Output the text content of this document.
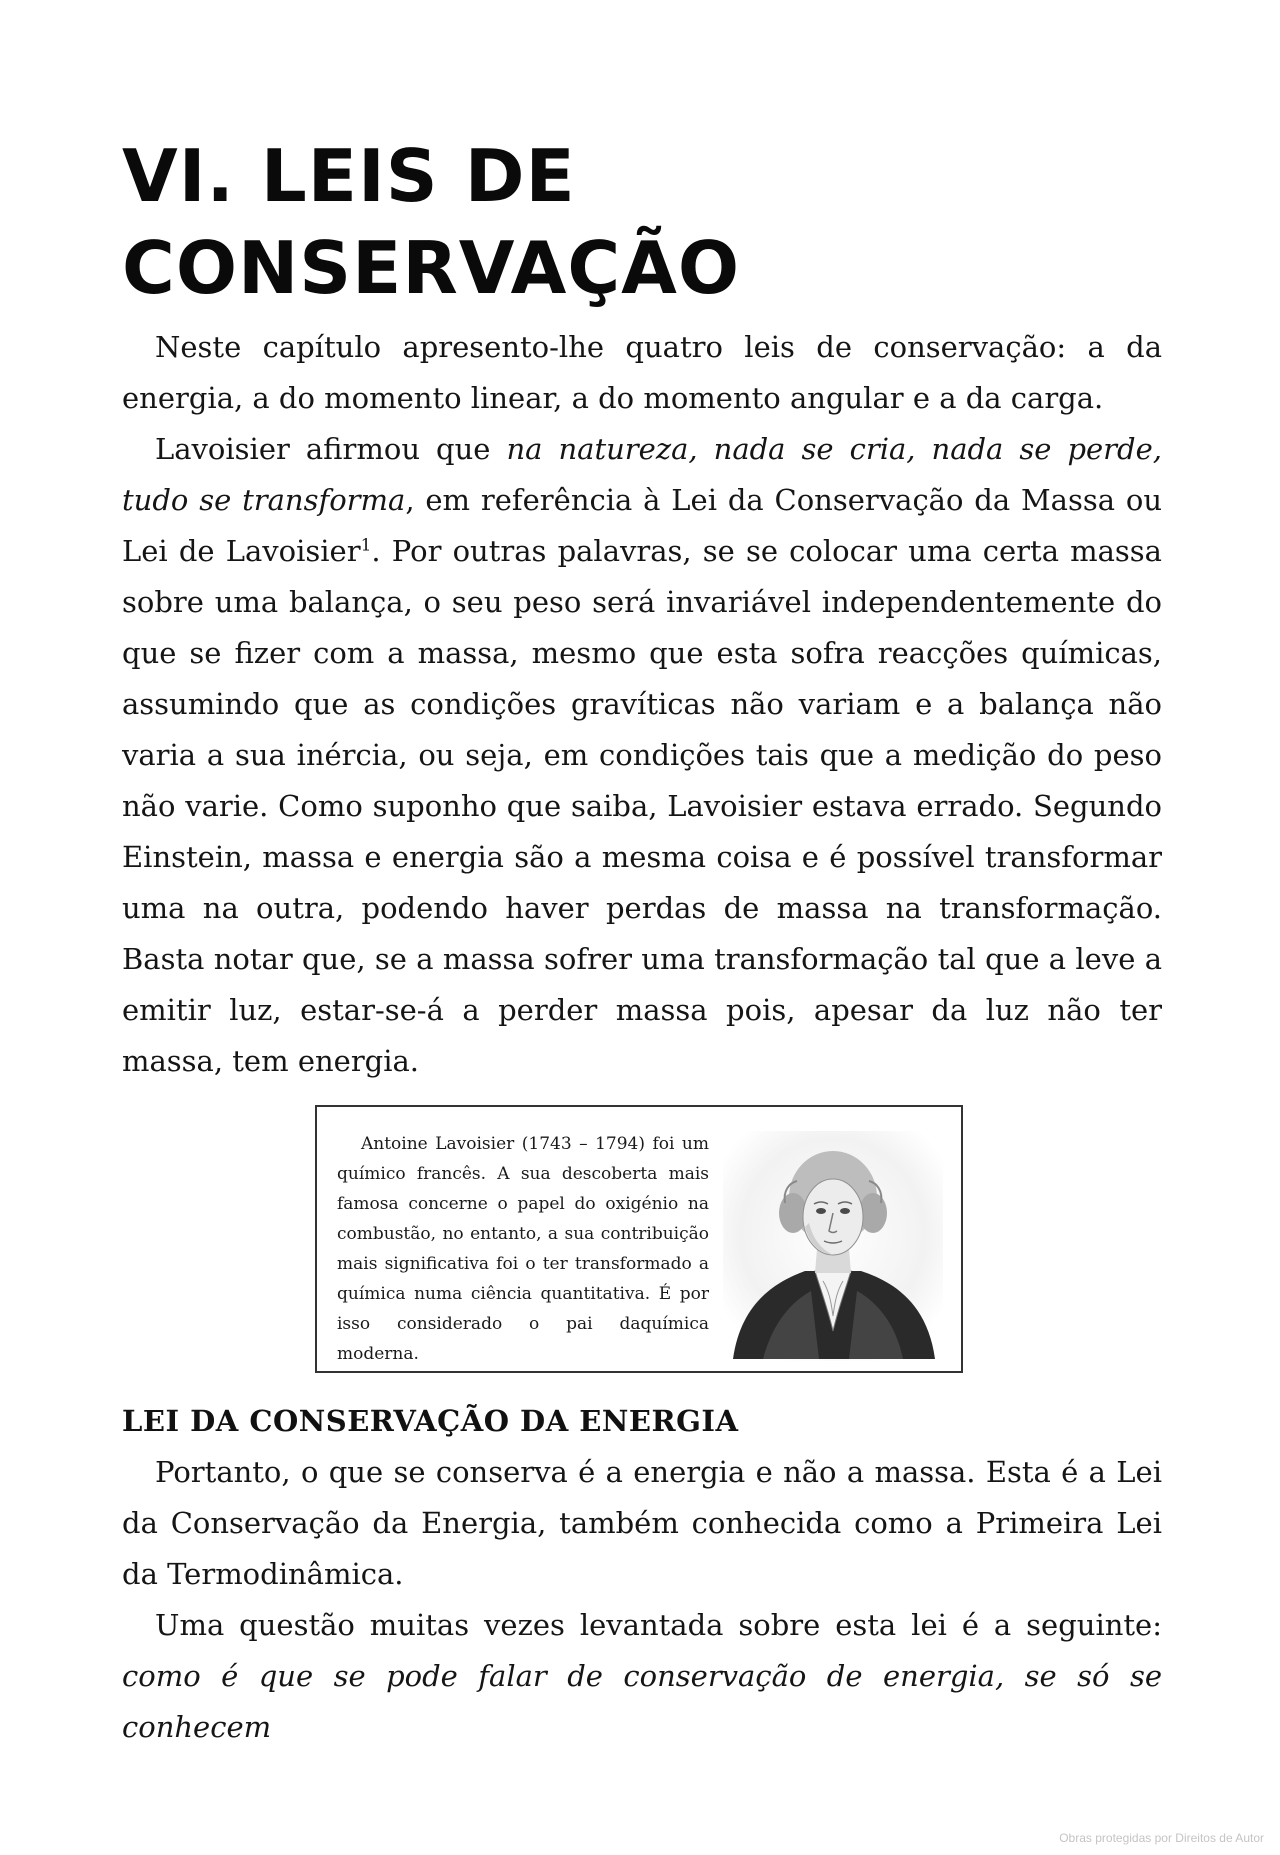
VI. LEIS DE
CONSERVAÇÃO

Neste capítulo apresento-lhe quatro leis de conservação: a da energia, a do momento linear, a do momento angular e a da carga.

Lavoisier afirmou que na natureza, nada se cria, nada se perde, tudo se transforma, em referência à Lei da Conservação da Massa ou Lei de Lavoisier$^1$. Por outras palavras, se se colocar uma certa massa sobre uma balança, o seu peso será invariável independentemente do que se fizer com a massa, mesmo que esta sofra reacções químicas, assumindo que as condições gravíticas não variam e a balança não varia a sua inércia, ou seja, em condições tais que a medição do peso não varie. Como suponho que saiba, Lavoisier estava errado. Segundo Einstein, massa e energia são a mesma coisa e é possível transformar uma na outra, podendo haver perdas de massa na transformação. Basta notar que, se a massa sofrer uma transformação tal que a leve a emitir luz, estar-se-á a perder massa pois, apesar da luz não ter massa, tem energia.

Antoine Lavoisier (1743 – 1794) foi um químico francês. A sua descoberta mais famosa concerne o papel do oxigénio na combustão, no entanto, a sua contribuição mais significativa foi o ter transformado a química numa ciência quantitativa. É por isso considerado o pai daquímica moderna.
LEI DA CONSERVAÇÃO DA ENERGIA

Portanto, o que se conserva é a energia e não a massa. Esta é a Lei da Conservação da Energia, também conhecida como a Primeira Lei da Termodinâmica.

Uma questão muitas vezes levantada sobre esta lei é a seguinte: como é que se pode falar de conservação de energia, se só se conhecem

Obras protegidas por Direitos de Autor
